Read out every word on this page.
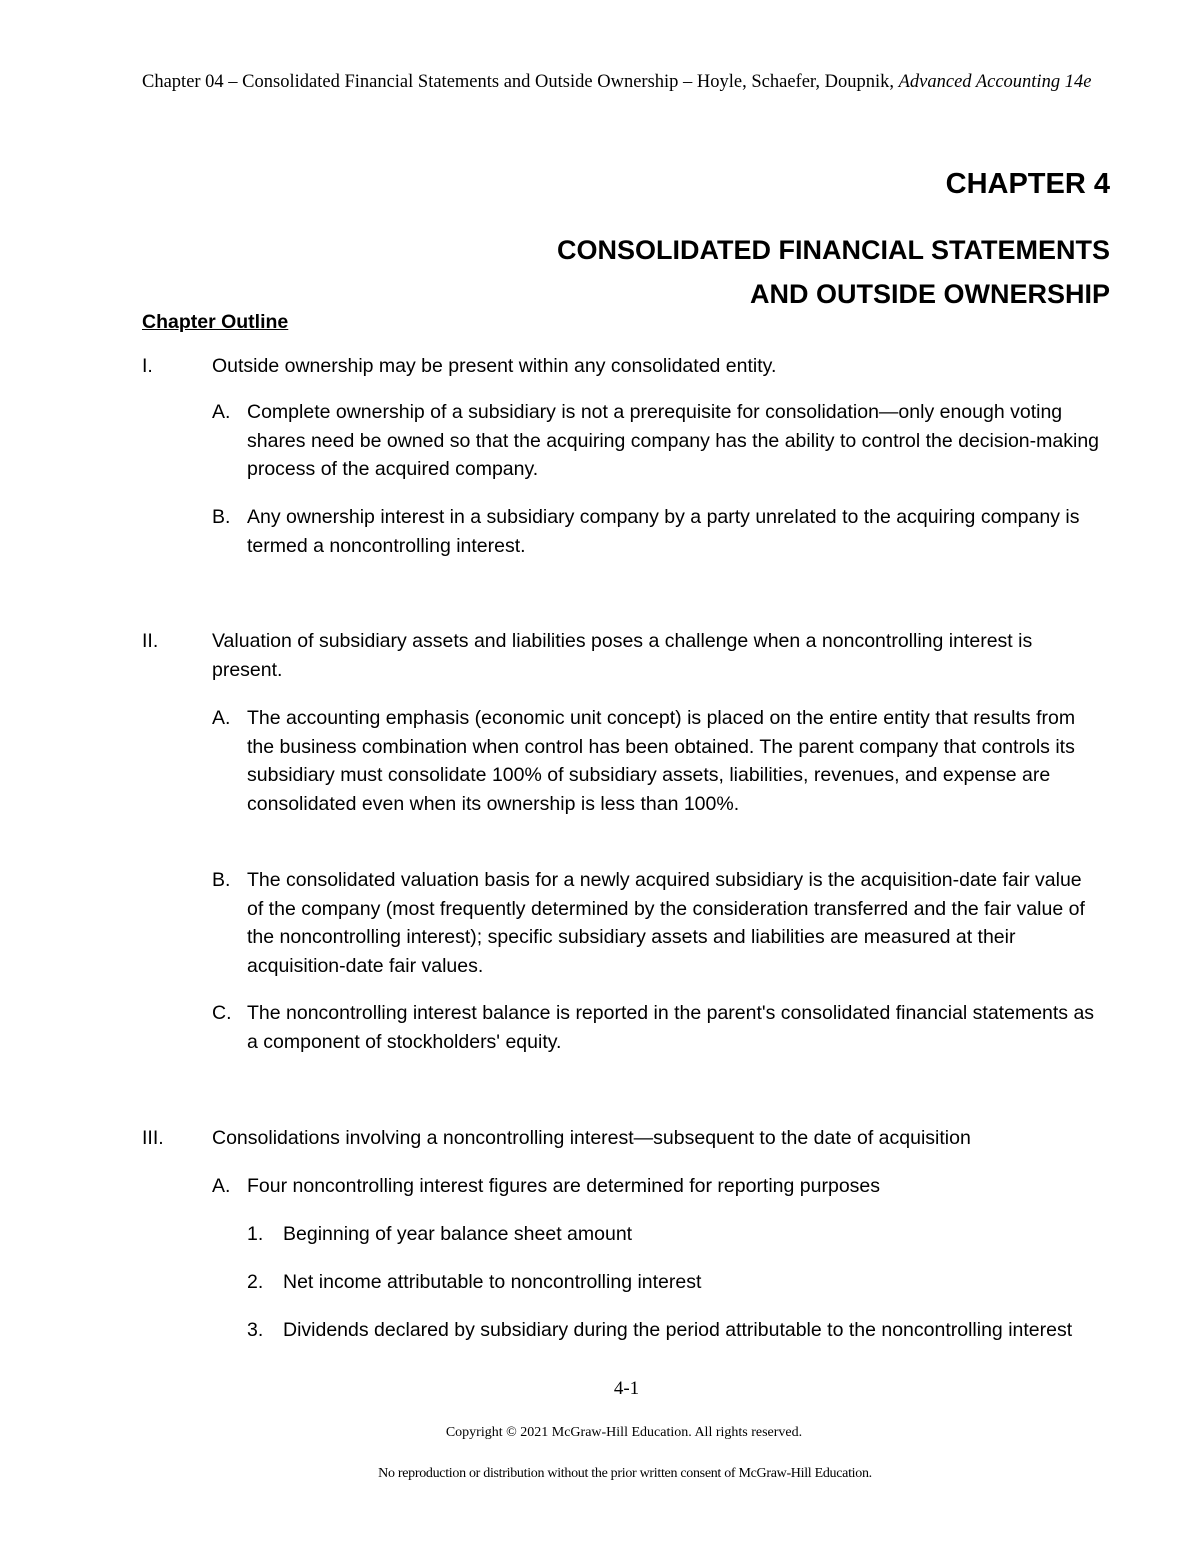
Chapter 04 – Consolidated Financial Statements and Outside Ownership – Hoyle, Schaefer, Doupnik, Advanced Accounting 14e
CHAPTER 4
CONSOLIDATED FINANCIAL STATEMENTS
AND OUTSIDE OWNERSHIP
Chapter Outline
I.	Outside ownership may be present within any consolidated entity.
A. Complete ownership of a subsidiary is not a prerequisite for consolidation—only enough voting shares need be owned so that the acquiring company has the ability to control the decision-making process of the acquired company.
B. Any ownership interest in a subsidiary company by a party unrelated to the acquiring company is termed a noncontrolling interest.
II.	Valuation of subsidiary assets and liabilities poses a challenge when a noncontrolling interest is present.
A. The accounting emphasis (economic unit concept) is placed on the entire entity that results from the business combination when control has been obtained. The parent company that controls its subsidiary must consolidate 100% of subsidiary assets, liabilities, revenues, and expense are consolidated even when its ownership is less than 100%.
B. The consolidated valuation basis for a newly acquired subsidiary is the acquisition-date fair value of the company (most frequently determined by the consideration transferred and the fair value of the noncontrolling interest); specific subsidiary assets and liabilities are measured at their acquisition-date fair values.
C. The noncontrolling interest balance is reported in the parent's consolidated financial statements as a component of stockholders' equity.
III. Consolidations involving a noncontrolling interest—subsequent to the date of acquisition
A. Four noncontrolling interest figures are determined for reporting purposes
1. Beginning of year balance sheet amount
2. Net income attributable to noncontrolling interest
3. Dividends declared by subsidiary during the period attributable to the noncontrolling interest
4-1
Copyright © 2021 McGraw-Hill Education. All rights reserved.
No reproduction or distribution without the prior written consent of McGraw-Hill Education.
